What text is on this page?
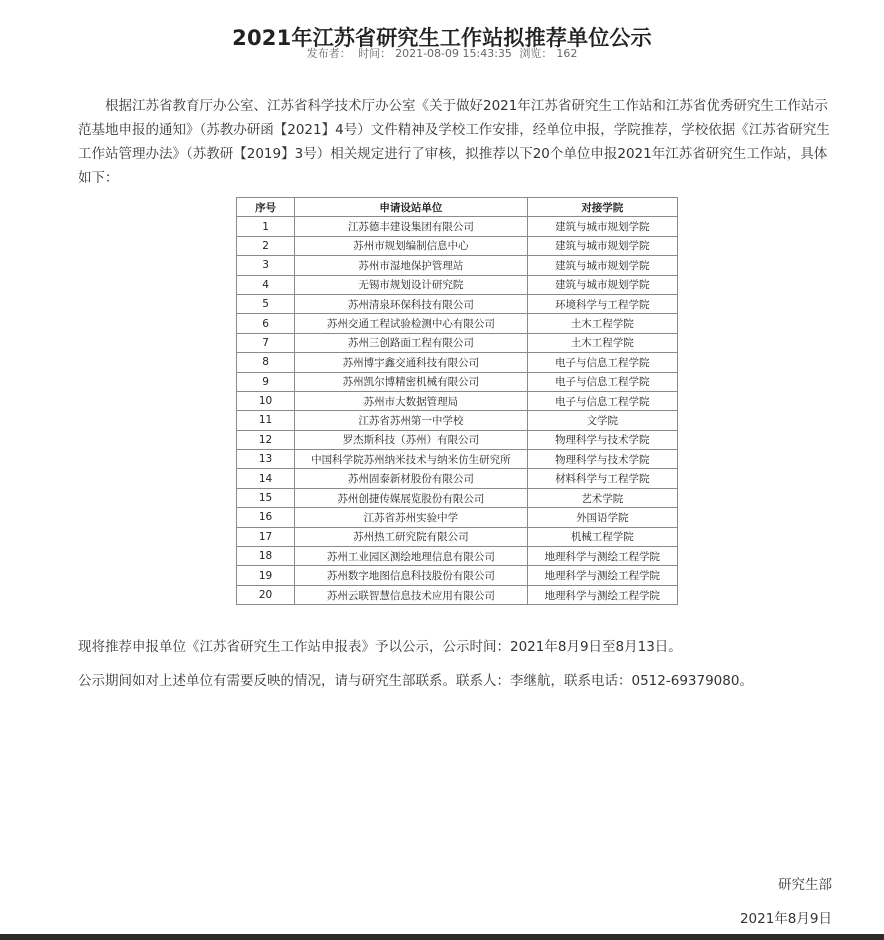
2021年江苏省研究生工作站拟推荐单位公示
发布者： 时间： 2021-08-09 15:43:35 浏览： 162

根据江苏省教育厅办公室、江苏省科学技术厅办公室《关于做好2021年江苏省研究生工作站和江苏省优秀研究生工作站示范基地申报的通知》（苏教办研函【2021】4号）文件精神及学校工作安排，经单位申报，学院推荐，学校依据《江苏省研究生工作站管理办法》（苏教研【2019】3号）相关规定进行了审核，拟推荐以下20个单位申报2021年江苏省研究生工作站，具体如下：

序号	申请设站单位	对接学院
1	江苏德丰建设集团有限公司	建筑与城市规划学院
2	苏州市规划编制信息中心	建筑与城市规划学院
3	苏州市湿地保护管理站	建筑与城市规划学院
4	无锡市规划设计研究院	建筑与城市规划学院
5	苏州清泉环保科技有限公司	环境科学与工程学院
6	苏州交通工程试验检测中心有限公司	土木工程学院
7	苏州三创路面工程有限公司	土木工程学院
8	苏州博宇鑫交通科技有限公司	电子与信息工程学院
9	苏州凯尔博精密机械有限公司	电子与信息工程学院
10	苏州市大数据管理局	电子与信息工程学院
11	江苏省苏州第一中学校	文学院
12	罗杰斯科技（苏州）有限公司	物理科学与技术学院
13	中国科学院苏州纳米技术与纳米仿生研究所	物理科学与技术学院
14	苏州固泰新材股份有限公司	材料科学与工程学院
15	苏州创捷传媒展览股份有限公司	艺术学院
16	江苏省苏州实验中学	外国语学院
17	苏州热工研究院有限公司	机械工程学院
18	苏州工业园区测绘地理信息有限公司	地理科学与测绘工程学院
19	苏州数字地图信息科技股份有限公司	地理科学与测绘工程学院
20	苏州云联智慧信息技术应用有限公司	地理科学与测绘工程学院

现将推荐申报单位《江苏省研究生工作站申报表》予以公示，公示时间：2021年8月9日至8月13日。

公示期间如对上述单位有需要反映的情况，请与研究生部联系。联系人：李继航，联系电话：0512-69379080。

研究生部
2021年8月9日
